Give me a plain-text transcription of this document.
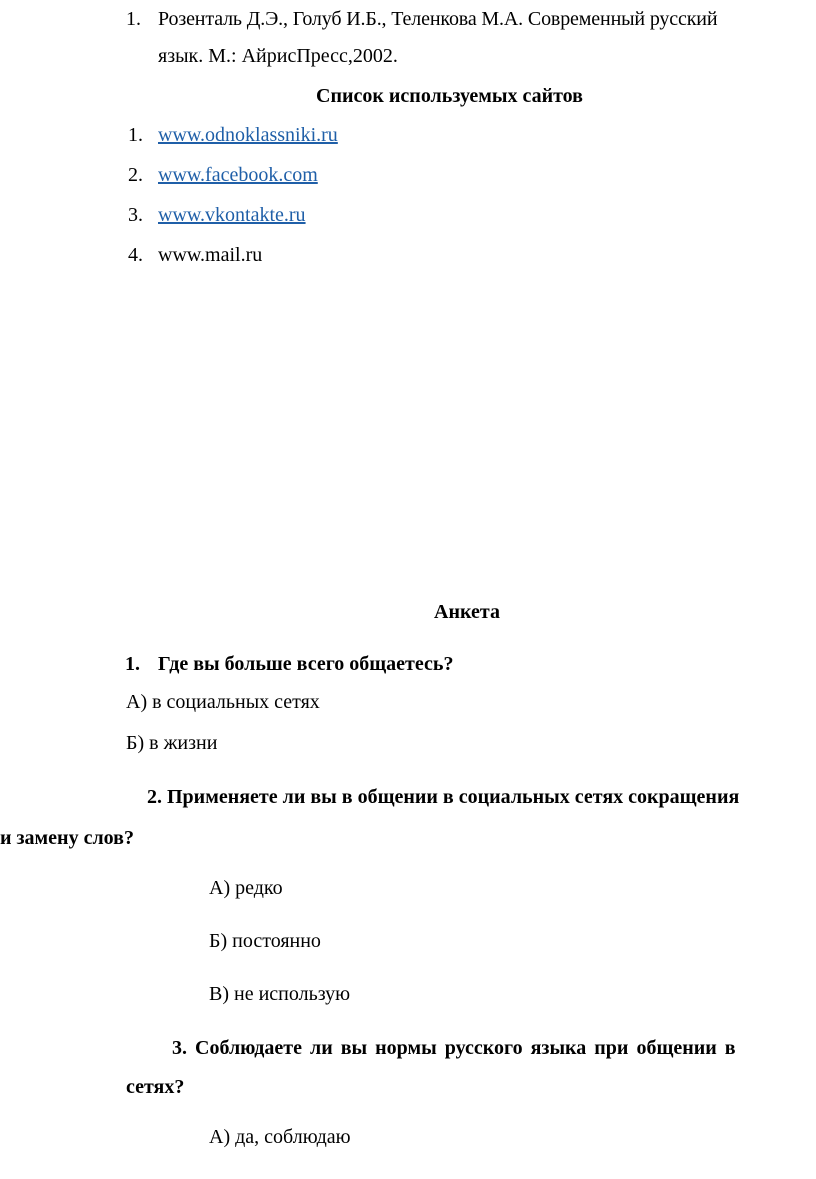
1. Розенталь Д.Э., Голуб И.Б., Теленкова М.А. Современный русский
язык. М.: АйрисПресс,2002.
Список используемых сайтов
1. www.odnoklassniki.ru
2. www.facebook.com
3. www.vkontakte.ru
4. www.mail.ru
Анкета
1. Где вы больше всего общаетесь?
А) в социальных сетях
Б) в жизни
2. Применяете ли вы в общении в социальных сетях сокращения
и замену слов?
А) редко
Б) постоянно
В) не использую
3. Соблюдаете ли вы нормы русского языка при общении в
сетях?
А) да, соблюдаю
